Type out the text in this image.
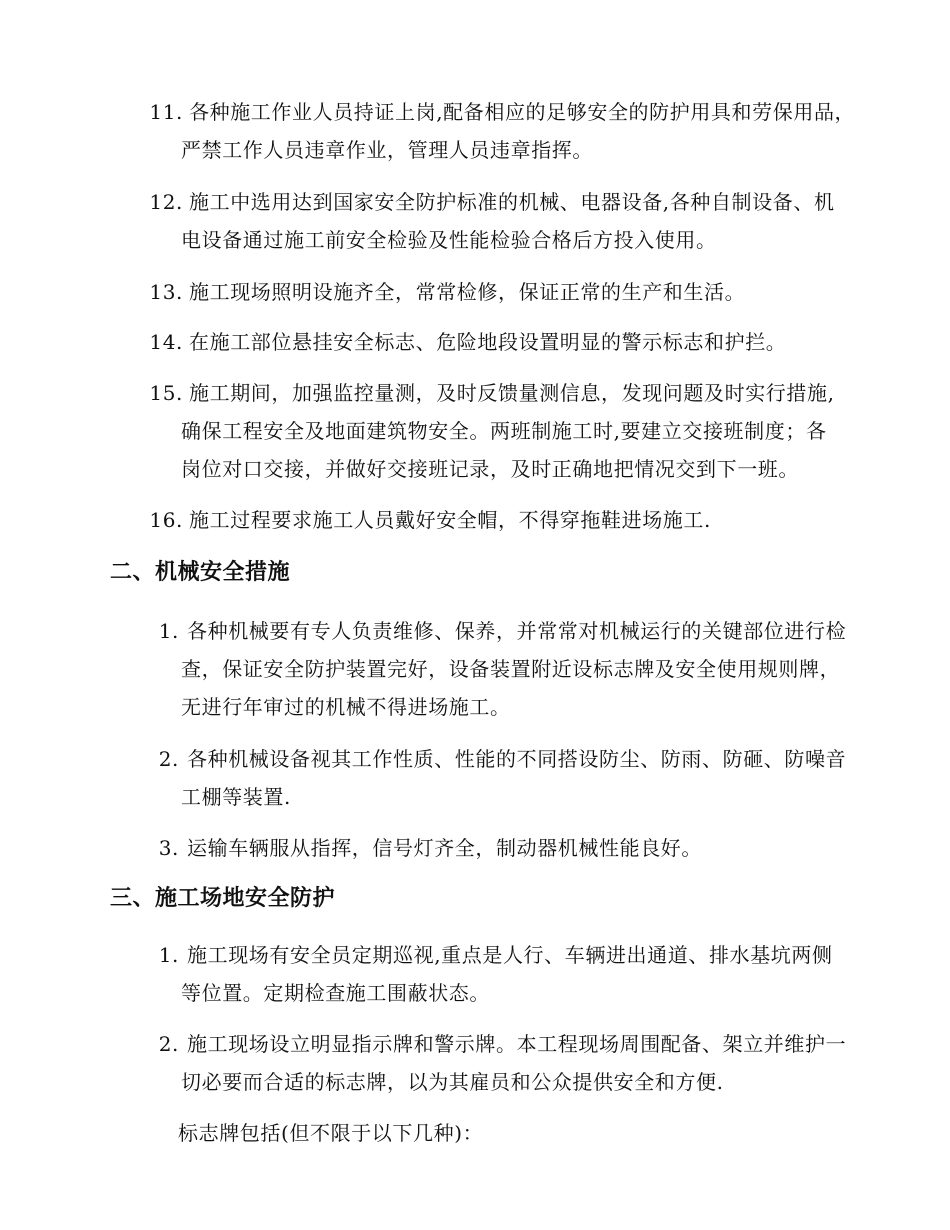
11. 各种施工作业人员持证上岗,配备相应的足够安全的防护用具和劳保用品，
严禁工作人员违章作业，管理人员违章指挥。
12. 施工中选用达到国家安全防护标准的机械、电器设备,各种自制设备、机
电设备通过施工前安全检验及性能检验合格后方投入使用。
13. 施工现场照明设施齐全，常常检修，保证正常的生产和生活。
14. 在施工部位悬挂安全标志、危险地段设置明显的警示标志和护拦。
15. 施工期间，加强监控量测，及时反馈量测信息，发现问题及时实行措施,
确保工程安全及地面建筑物安全。两班制施工时,要建立交接班制度；各
岗位对口交接，并做好交接班记录，及时正确地把情况交到下一班。
16. 施工过程要求施工人员戴好安全帽，不得穿拖鞋进场施工.
二、机械安全措施
1. 各种机械要有专人负责维修、保养，并常常对机械运行的关键部位进行检
查，保证安全防护装置完好，设备装置附近设标志牌及安全使用规则牌，
无进行年审过的机械不得进场施工。
2. 各种机械设备视其工作性质、性能的不同搭设防尘、防雨、防砸、防噪音
工棚等装置.
3. 运输车辆服从指挥，信号灯齐全，制动器机械性能良好。
三、施工场地安全防护
1. 施工现场有安全员定期巡视,重点是人行、车辆进出通道、排水基坑两侧
等位置。定期检查施工围蔽状态。
2. 施工现场设立明显指示牌和警示牌。本工程现场周围配备、架立并维护一
切必要而合适的标志牌，以为其雇员和公众提供安全和方便.

标志牌包括(但不限于以下几种)：
